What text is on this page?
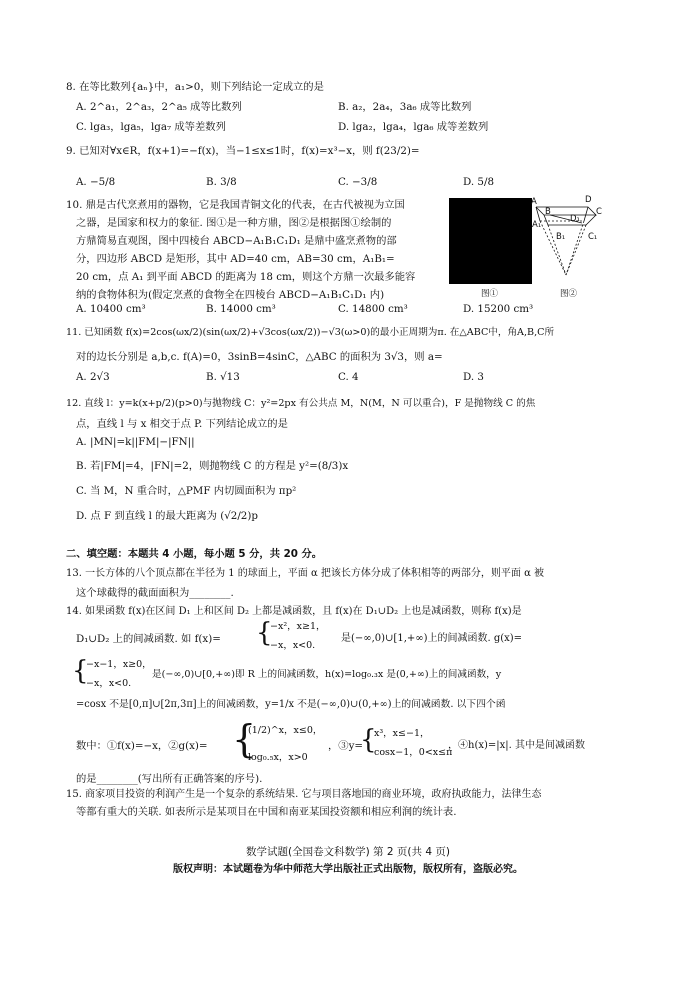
8. 在等比数列{aₙ}中，a₁>0，则下列结论一定成立的是

A. 2^a₁，2^a₃，2^a₅ 成等比数列	B. a₂，2a₄，3a₆ 成等比数列
C. lga₃，lga₅，lga₇ 成等差数列	D. lga₂，lga₄，lga₆ 成等差数列

9. 已知对∀x∈R，f(x+1)=−f(x)，当−1≤x≤1时，f(x)=x³−x，则 f(23/2)=

A. −5/8	B. 3/8	C. −3/8	D. 5/8

10. 鼎是古代烹煮用的器物，它是我国青铜文化的代表，在古代被视为立国

之器，是国家和权力的象征. 图①是一种方鼎，图②是根据图①绘制的

方鼎简易直观图，图中四棱台 ABCD−A₁B₁C₁D₁ 是鼎中盛烹煮物的部

分，四边形 ABCD 是矩形，其中 AD=40 cm，AB=30 cm，A₁B₁=

20 cm，点 A₁ 到平面 ABCD 的距离为 18 cm，则这个方鼎一次最多能容

纳的食物体积为(假定烹煮的食物全在四棱台 ABCD−A₁B₁C₁D₁ 内)	图①
A
B
D
C
A₁
D₁
B₁	C₁
图②
A. 10400 cm³	B. 14000 cm³	C. 14800 cm³	D. 15200 cm³

11. 已知函数 f(x)=2cos(ωx/2)(sin(ωx/2)+√3cos(ωx/2))−√3(ω>0)的最小正周期为π. 在△ABC中，角A,B,C所

对的边长分别是 a,b,c. f(A)=0，3sinB=4sinC，△ABC 的面积为 3√3，则 a=

A. 2√3	B. √13	C. 4	D. 3

12. 直线 l：y=k(x+p/2)(p>0)与抛物线 C：y²=2px 有公共点 M，N(M，N 可以重合)，F 是抛物线 C 的焦

点，直线 l 与 x 相交于点 P. 下列结论成立的是

A. |MN|=k||FM|−|FN||

B. 若|FM|=4，|FN|=2，则抛物线 C 的方程是 y²=(8/3)x

C. 当 M，N 重合时，△PMF 内切圆面积为 πp²

D. 点 F 到直线 l 的最大距离为 (√2/2)p

二、填空题：本题共 4 小题，每小题 5 分，共 20 分。

13. 一长方体的八个顶点都在半径为 1 的球面上，平面 α 把该长方体分成了体积相等的两部分，则平面 α 被

这个球截得的截面面积为________.

14. 如果函数 f(x)在区间 D₁ 上和区间 D₂ 上都是减函数，且 f(x)在 D₁∪D₂ 上也是减函数，则称 f(x)是

D₁∪D₂ 上的间减函数. 如 f(x)= {
−x²，x≥1，
−x，x<0.
是(−∞,0)∪[1,+∞)上的间减函数. g(x)=
{
−x−1，x≥0，
−x，x<0.
是(−∞,0)∪[0,+∞)即 R 上的间减函数，h(x)=log₀.₃x 是(0,+∞)上的间减函数，y

=cosx 不是[0,π]∪[2π,3π]上的间减函数，y=1/x 不是(−∞,0)∪(0,+∞)上的间减函数. 以下四个函

数中：①f(x)=−x，②g(x)= {
(1/2)^x，x≤0，
log₀.₅x，x>0
，③y=
{
x³，x≤−1，
cosx−1，0<x≤π
，④h(x)=|x|. 其中是间减函数

的是________(写出所有正确答案的序号).

15. 商家项目投资的利润产生是一个复杂的系统结果. 它与项目落地国的商业环境，政府执政能力，法律生态

等都有重大的关联. 如表所示是某项目在中国和南亚某国投资额和相应利润的统计表.

数学试题(全国卷文科数学) 第 2 页(共 4 页)

版权声明：本试题卷为华中师范大学出版社正式出版物，版权所有，盗版必究。
